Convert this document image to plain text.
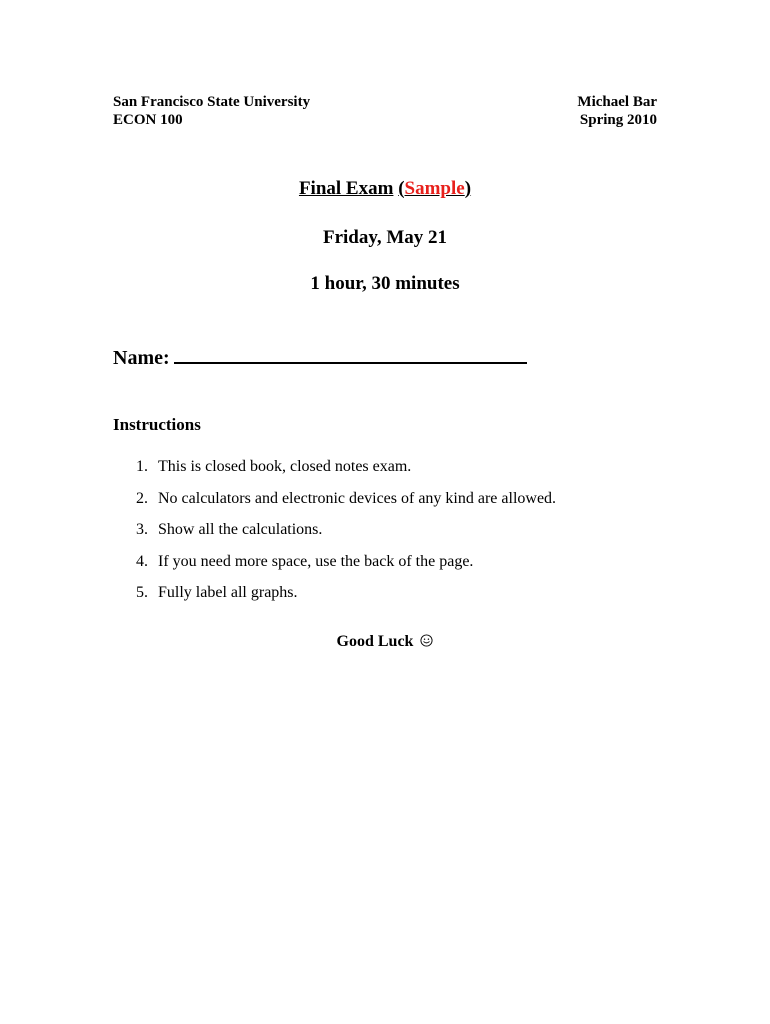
San Francisco State University
ECON 100
Michael Bar
Spring 2010
Final Exam (Sample)
Friday, May 21
1 hour, 30 minutes
Name:
Instructions
1. This is closed book, closed notes exam.
2. No calculators and electronic devices of any kind are allowed.
3. Show all the calculations.
4. If you need more space, use the back of the page.
5. Fully label all graphs.
Good Luck
